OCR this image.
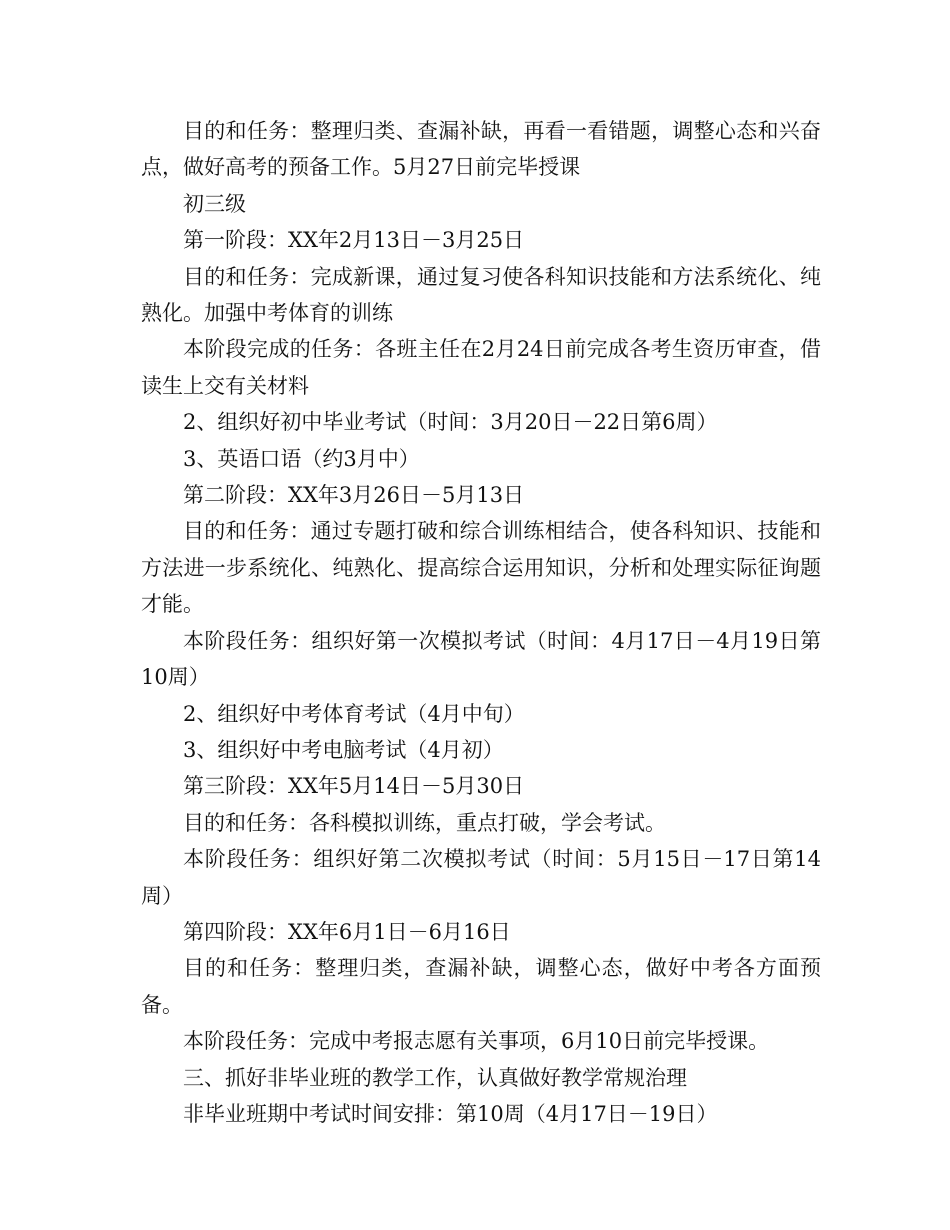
目的和任务：整理归类、查漏补缺，再看一看错题，调整心态和兴奋点，做好高考的预备工作。5月27日前完毕授课

初三级

第一阶段：XX年2月13日－3月25日

目的和任务：完成新课，通过复习使各科知识技能和方法系统化、纯熟化。加强中考体育的训练

本阶段完成的任务：各班主任在2月24日前完成各考生资历审查，借读生上交有关材料

2、组织好初中毕业考试（时间：3月20日－22日第6周）

3、英语口语（约3月中）

第二阶段：XX年3月26日－5月13日

目的和任务：通过专题打破和综合训练相结合，使各科知识、技能和方法进一步系统化、纯熟化、提高综合运用知识，分析和处理实际征询题才能。

本阶段任务：组织好第一次模拟考试（时间：4月17日－4月19日第10周）

2、组织好中考体育考试（4月中旬）

3、组织好中考电脑考试（4月初）

第三阶段：XX年5月14日－5月30日

目的和任务：各科模拟训练，重点打破，学会考试。

本阶段任务：组织好第二次模拟考试（时间：5月15日－17日第14周）

第四阶段：XX年6月1日－6月16日

目的和任务：整理归类，查漏补缺，调整心态，做好中考各方面预备。

本阶段任务：完成中考报志愿有关事项，6月10日前完毕授课。

三、抓好非毕业班的教学工作，认真做好教学常规治理

非毕业班期中考试时间安排：第10周（4月17日－19日）
